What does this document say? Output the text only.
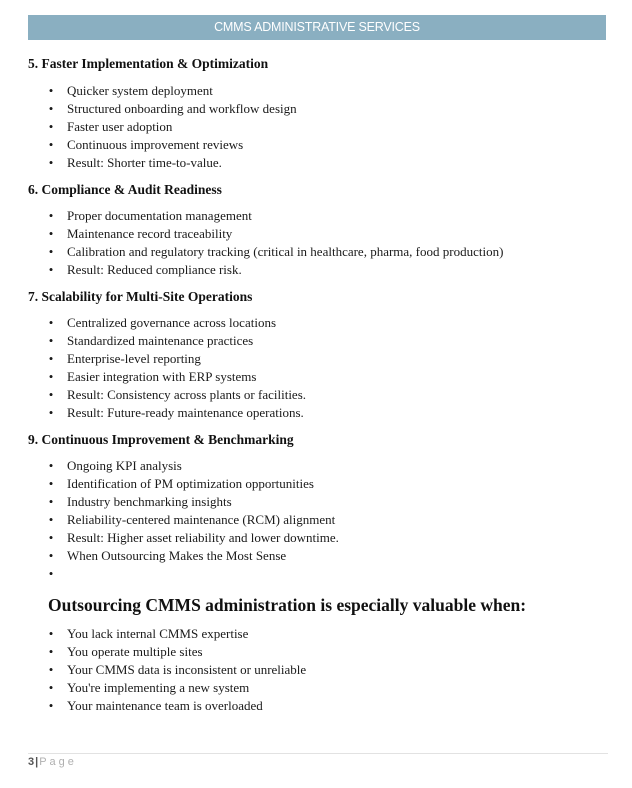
CMMS ADMINISTRATIVE SERVICES
5. Faster Implementation & Optimization
• Quicker system deployment
• Structured onboarding and workflow design
• Faster user adoption
• Continuous improvement reviews
• Result: Shorter time-to-value.
6. Compliance & Audit Readiness
• Proper documentation management
• Maintenance record traceability
• Calibration and regulatory tracking (critical in healthcare, pharma, food production)
• Result: Reduced compliance risk.
7. Scalability for Multi-Site Operations
• Centralized governance across locations
• Standardized maintenance practices
• Enterprise-level reporting
• Easier integration with ERP systems
• Result: Consistency across plants or facilities.
• Result: Future-ready maintenance operations.
9. Continuous Improvement & Benchmarking
• Ongoing KPI analysis
• Identification of PM optimization opportunities
• Industry benchmarking insights
• Reliability-centered maintenance (RCM) alignment
• Result: Higher asset reliability and lower downtime.
• When Outsourcing Makes the Most Sense
•
Outsourcing CMMS administration is especially valuable when:
• You lack internal CMMS expertise
• You operate multiple sites
• Your CMMS data is inconsistent or unreliable
• You're implementing a new system
• Your maintenance team is overloaded
3|Page
